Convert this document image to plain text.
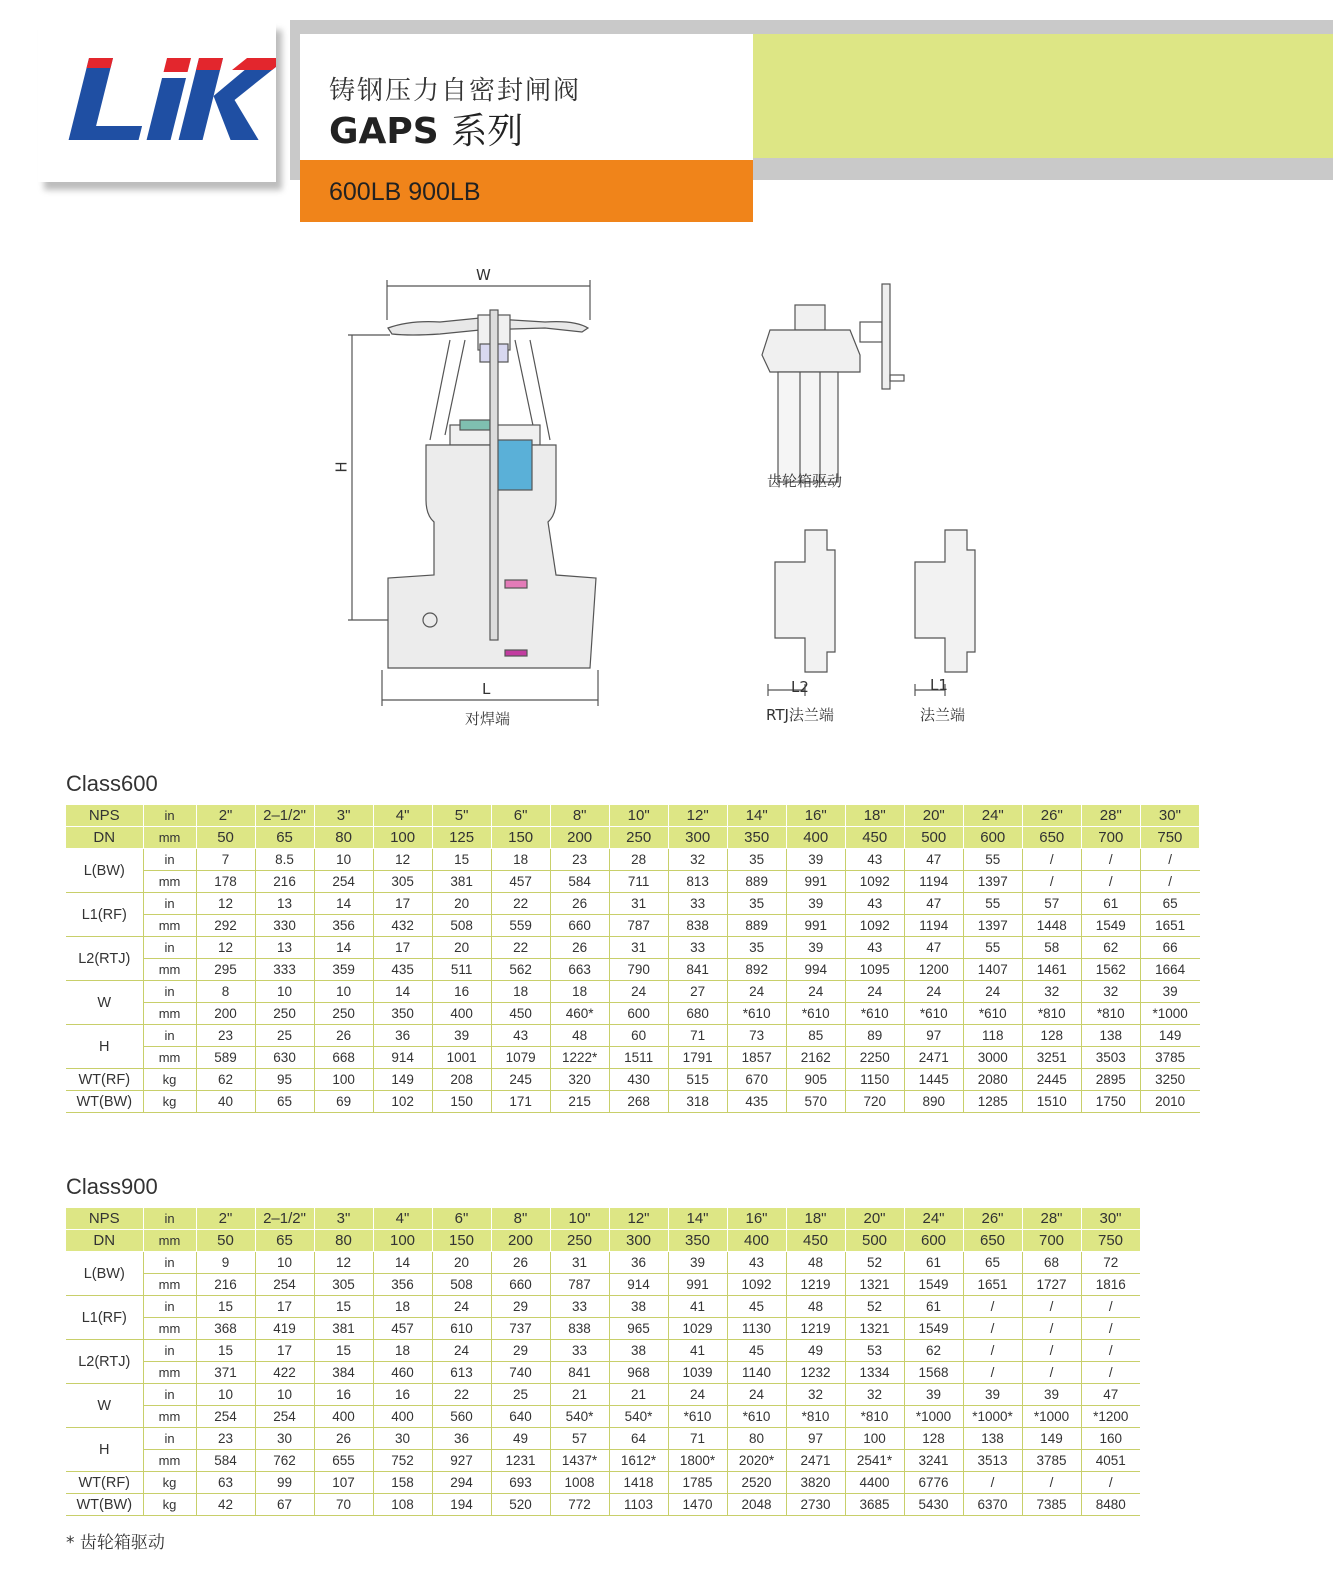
铸钢压力自密封闸阀
GAPS 系列
600LB 900LB
W
H
L
对焊端
齿轮箱驱动
L2
RTJ法兰端
L1
法兰端
Class600
NPS	in	2"	2–1/2"	3"	4"	5"	6"	8"	10"	12"	14"	16"	18"	20"	24"	26"	28"	30"
DN	mm	50	65	80	100	125	150	200	250	300	350	400	450	500	600	650	700	750
L(BW)	in	7	8.5	10	12	15	18	23	28	32	35	39	43	47	55	/	/	/
	mm	178	216	254	305	381	457	584	711	813	889	991	1092	1194	1397	/	/	/
L1(RF)	in	12	13	14	17	20	22	26	31	33	35	39	43	47	55	57	61	65
	mm	292	330	356	432	508	559	660	787	838	889	991	1092	1194	1397	1448	1549	1651
L2(RTJ)	in	12	13	14	17	20	22	26	31	33	35	39	43	47	55	58	62	66
	mm	295	333	359	435	511	562	663	790	841	892	994	1095	1200	1407	1461	1562	1664
W	in	8	10	10	14	16	18	18	24	27	24	24	24	24	24	32	32	39
	mm	200	250	250	350	400	450	460*	600	680	*610	*610	*610	*610	*610	*810	*810	*1000
H	in	23	25	26	36	39	43	48	60	71	73	85	89	97	118	128	138	149
	mm	589	630	668	914	1001	1079	1222*	1511	1791	1857	2162	2250	2471	3000	3251	3503	3785
WT(RF)	kg	62	95	100	149	208	245	320	430	515	670	905	1150	1445	2080	2445	2895	3250
WT(BW)	kg	40	65	69	102	150	171	215	268	318	435	570	720	890	1285	1510	1750	2010
Class900
NPS	in	2"	2–1/2"	3"	4"	6"	8"	10"	12"	14"	16"	18"	20"	24"	26"	28"	30"
DN	mm	50	65	80	100	150	200	250	300	350	400	450	500	600	650	700	750
L(BW)	in	9	10	12	14	20	26	31	36	39	43	48	52	61	65	68	72
	mm	216	254	305	356	508	660	787	914	991	1092	1219	1321	1549	1651	1727	1816
L1(RF)	in	15	17	15	18	24	29	33	38	41	45	48	52	61	/	/	/
	mm	368	419	381	457	610	737	838	965	1029	1130	1219	1321	1549	/	/	/
L2(RTJ)	in	15	17	15	18	24	29	33	38	41	45	49	53	62	/	/	/
	mm	371	422	384	460	613	740	841	968	1039	1140	1232	1334	1568	/	/	/
W	in	10	10	16	16	22	25	21	21	24	24	32	32	39	39	39	47
	mm	254	254	400	400	560	640	540*	540*	*610	*610	*810	*810	*1000	*1000*	*1000	*1200
H	in	23	30	26	30	36	49	57	64	71	80	97	100	128	138	149	160
	mm	584	762	655	752	927	1231	1437*	1612*	1800*	2020*	2471	2541*	3241	3513	3785	4051
WT(RF)	kg	63	99	107	158	294	693	1008	1418	1785	2520	3820	4400	6776	/	/	/
WT(BW)	kg	42	67	70	108	194	520	772	1103	1470	2048	2730	3685	5430	6370	7385	8480
* 齿轮箱驱动
